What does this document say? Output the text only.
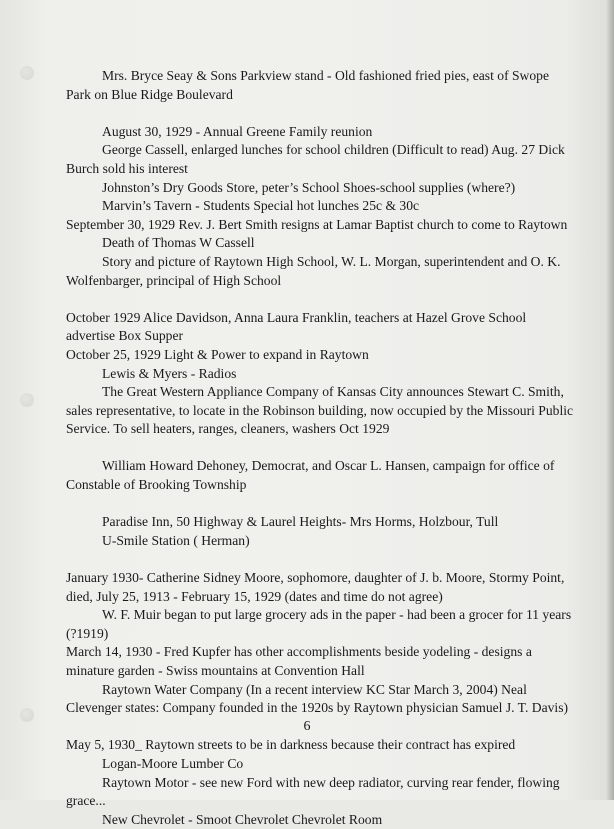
Mrs. Bryce Seay & Sons Parkview stand - Old fashioned fried pies, east of Swope Park on Blue Ridge Boulevard

August 30, 1929 - Annual Greene Family reunion

George Cassell, enlarged lunches for school children (Difficult to read) Aug. 27 Dick Burch sold his interest

Johnston’s Dry Goods Store, peter’s School Shoes-school supplies (where?)

Marvin’s Tavern - Students Special hot lunches 25c & 30c

September 30, 1929 Rev. J. Bert Smith resigns at Lamar Baptist church to come to Raytown

Death of Thomas W Cassell

Story and picture of Raytown High School, W. L. Morgan, superintendent and O. K. Wolfenbarger, principal of High School

October 1929 Alice Davidson, Anna Laura Franklin, teachers at Hazel Grove School advertise Box Supper

October 25, 1929 Light & Power to expand in Raytown

Lewis & Myers - Radios

The Great Western Appliance Company of Kansas City announces Stewart C. Smith, sales representative, to locate in the Robinson building, now occupied by the Missouri Public Service. To sell heaters, ranges, cleaners, washers Oct 1929

William Howard Dehoney, Democrat, and Oscar L. Hansen, campaign for office of Constable of Brooking Township

Paradise Inn, 50 Highway & Laurel Heights- Mrs Horms, Holzbour, Tull

U-Smile Station ( Herman)

January 1930- Catherine Sidney Moore, sophomore, daughter of J. b. Moore, Stormy Point, died, July 25, 1913 - February 15, 1929 (dates and time do not agree)

W. F. Muir began to put large grocery ads in the paper - had been a grocer for 11 years (?1919)

March 14, 1930 - Fred Kupfer has other accomplishments beside yodeling - designs a minature garden - Swiss mountains at Convention Hall

Raytown Water Company (In a recent interview KC Star March 3, 2004) Neal Clevenger states: Company founded in the 1920s by Raytown physician Samuel J. T. Davis)

May 5, 1930_ Raytown streets to be in darkness because their contract has expired

Logan-Moore Lumber Co

Raytown Motor - see new Ford with new deep radiator, curving rear fender, flowing grace...

New Chevrolet - Smoot Chevrolet Chevrolet Room

6
